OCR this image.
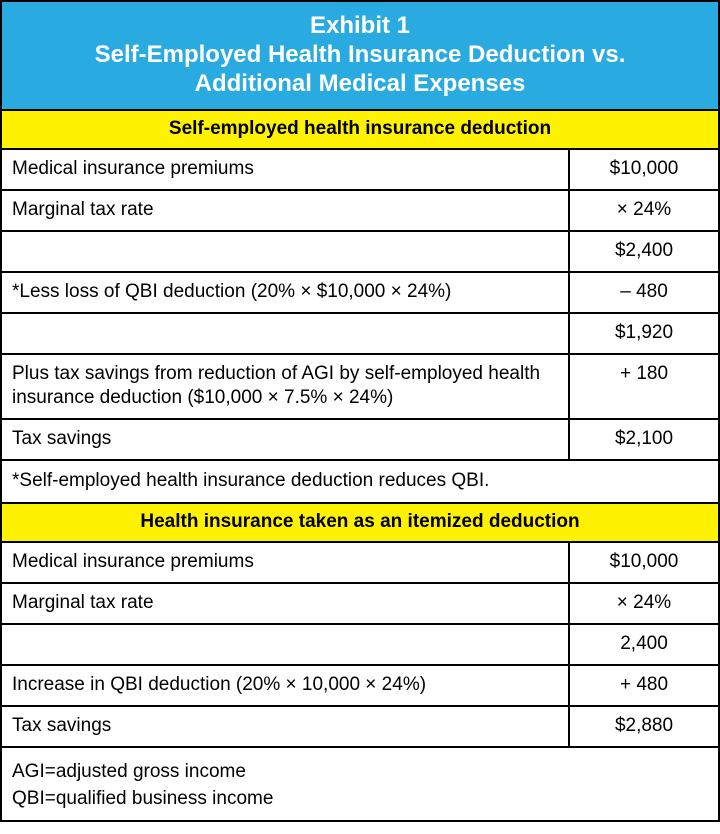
Exhibit 1
Self-Employed Health Insurance Deduction vs.
Additional Medical Expenses
Self-employed health insurance deduction
Medical insurance premiums	$10,000
Marginal tax rate	× 24%
	$2,400
*Less loss of QBI deduction (20% × $10,000 × 24%)	– 480
	$1,920
Plus tax savings from reduction of AGI by self-employed health insurance deduction ($10,000 × 7.5% × 24%)	+ 180
Tax savings	$2,100
*Self-employed health insurance deduction reduces QBI.
Health insurance taken as an itemized deduction
Medical insurance premiums	$10,000
Marginal tax rate	× 24%
	2,400
Increase in QBI deduction (20% × 10,000 × 24%)	+ 480
Tax savings	$2,880
AGI=adjusted gross income
QBI=qualified business income
